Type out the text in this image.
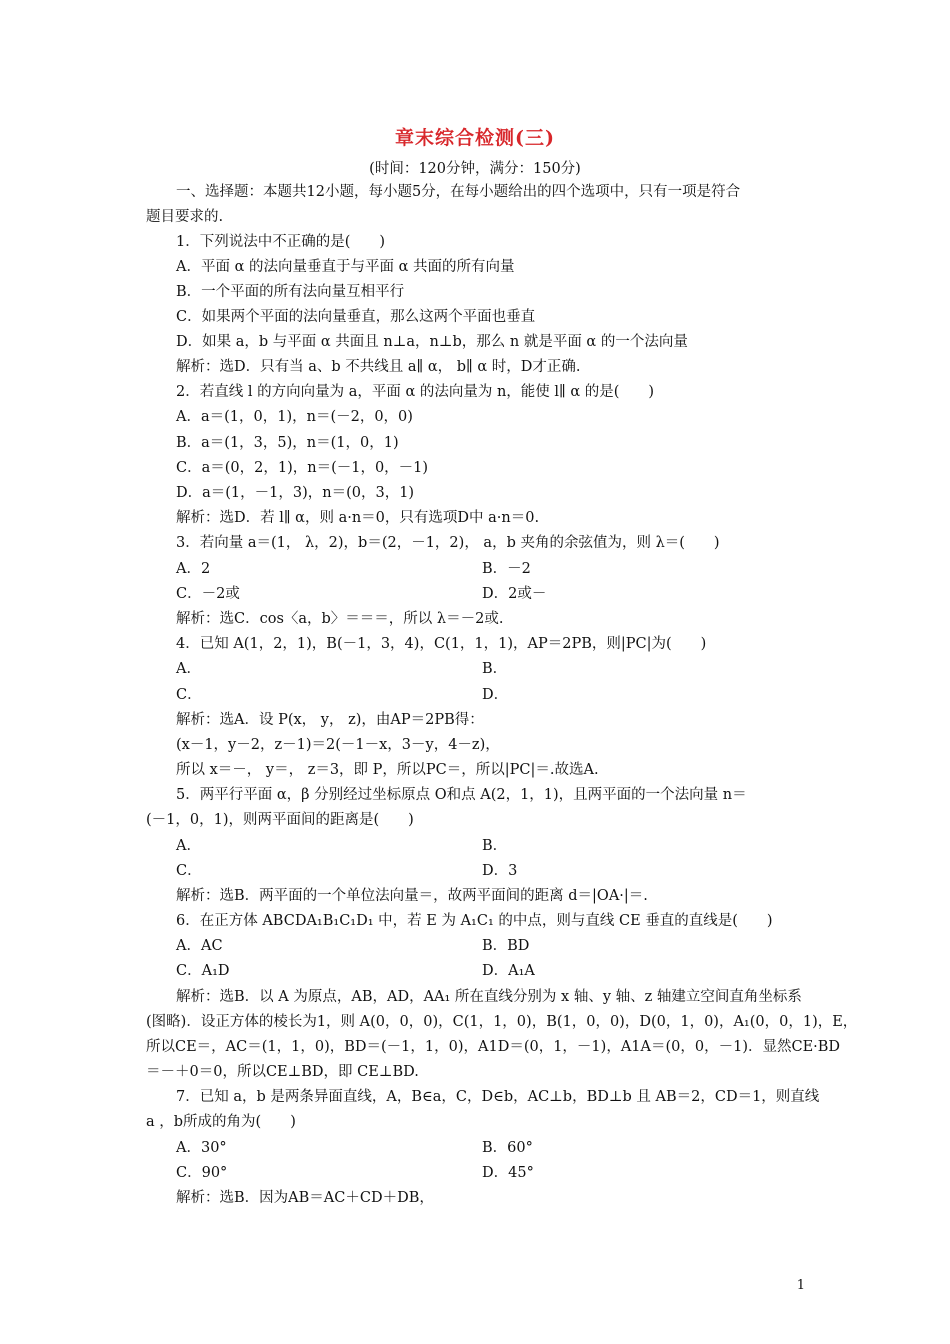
章末综合检测(三)
(时间：120分钟，满分：150分)
一、选择题：本题共12小题，每小题5分，在每小题给出的四个选项中，只有一项是符合
题目要求的.
1．下列说法中不正确的是(　　)
A．平面 α 的法向量垂直于与平面 α 共面的所有向量
B．一个平面的所有法向量互相平行
C．如果两个平面的法向量垂直，那么这两个平面也垂直
D．如果 a，b 与平面 α 共面且 n⊥a，n⊥b，那么 n 就是平面 α 的一个法向量
解析：选D．只有当 a、b 不共线且 a∥ α， b∥ α 时，D才正确.
2．若直线 l 的方向向量为 a，平面 α 的法向量为 n，能使 l∥ α 的是(　　)
A．a＝(1，0，1)，n＝(－2，0，0)
B．a＝(1，3，5)，n＝(1，0，1)
C．a＝(0，2，1)，n＝(－1，0，－1)
D．a＝(1，－1，3)，n＝(0，3，1)
解析：选D．若 l∥ α，则 a·n＝0，只有选项D中 a·n＝0.
3．若向量 a＝(1， λ，2)，b＝(2，－1，2)， a，b 夹角的余弦值为，则 λ＝(　　)
A．2	B．－2
C．－2或	D．2或－
解析：选C．cos〈a，b〉＝＝＝，所以 λ＝－2或.
4．已知 A(1，2，1)，B(－1，3，4)，C(1，1，1)，AP＝2PB，则|PC|为(　　)
A．	B．
C．	D．
解析：选A．设 P(x， y， z)，由AP＝2PB得：
(x－1，y－2，z－1)＝2(－1－x，3－y，4－z)，
所以 x＝－， y＝， z＝3，即 P，所以PC＝，所以|PC|＝.故选A.
5．两平行平面 α，β 分别经过坐标原点 O和点 A(2，1，1)，且两平面的一个法向量 n＝
(－1，0，1)，则两平面间的距离是(　　)
A．	B．
C．	D．3
解析：选B．两平面的一个单位法向量＝，故两平面间的距离 d＝|OA·|＝.
6．在正方体 ABCDA₁B₁C₁D₁ 中，若 E 为 A₁C₁ 的中点，则与直线 CE 垂直的直线是(　　)
A．AC	B．BD
C．A₁D	D．A₁A
解析：选B．以 A 为原点，AB，AD，AA₁ 所在直线分别为 x 轴、y 轴、z 轴建立空间直角坐标系
(图略)．设正方体的棱长为1，则 A(0，0，0)，C(1，1，0)，B(1，0，0)，D(0，1，0)，A₁(0，0，1)，E，
所以CE＝，AC＝(1，1，0)，BD＝(－1，1，0)，A1D＝(0，1，－1)，A1A＝(0，0，－1)．显然CE·BD
＝－＋0＝0，所以CE⊥BD，即 CE⊥BD.
7．已知 a，b 是两条异面直线，A，B∈a，C，D∈b，AC⊥b，BD⊥b 且 AB＝2，CD＝1，则直线
a ，b所成的角为(　　)
A．30°	B．60°
C．90°	D．45°
解析：选B．因为AB＝AC＋CD＋DB，
1
